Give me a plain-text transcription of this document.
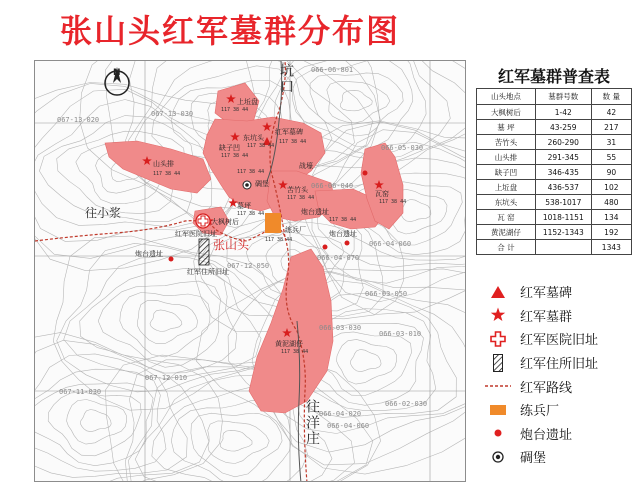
张山头红军墓群分布图
N
上坵盘
东坑头
红军墓碑
缺子凹
山头排	战壕
碉堡
苦竹头
墓坪
瓦窑
炮台遗址
练兵厂	炮台遗址
大枫树后
红军医院旧址
炮台遗址
红军住所旧址
黄泥湖仔
往小浆
张山头
坑口
往洋庄
066-06-801
067-13-020
067-13-030
066-05-030
066-06-040
066-04-060
066-04-070
067-12-050
066-03-050
066-03-030
066-03-010
066-02-030
066-04-020
066-04-060
067-11-030
067-12-010
117 38 44
117 38 44
117 38 44
117 38 44
117 38 44	117 38 44
117 38 44
117 38 44
117 38 44
117 38 44
117 38 44
117 38 44
红军墓群普查表
山头地点	墓群号数	数 量
大枫树后	1-42	42
墓 坪	43-259	217
苦竹头	260-290	31
山头排	291-345	55
缺子凹	346-435	90
上坵盘	436-537	102
东坑头	538-1017	480
瓦 窑	1018-1151	134
黄泥湖仔	1152-1343	192
合 计		1343
红军墓碑
红军墓群
红军医院旧址
红军住所旧址
红军路线
练兵厂
炮台遗址
碉堡
